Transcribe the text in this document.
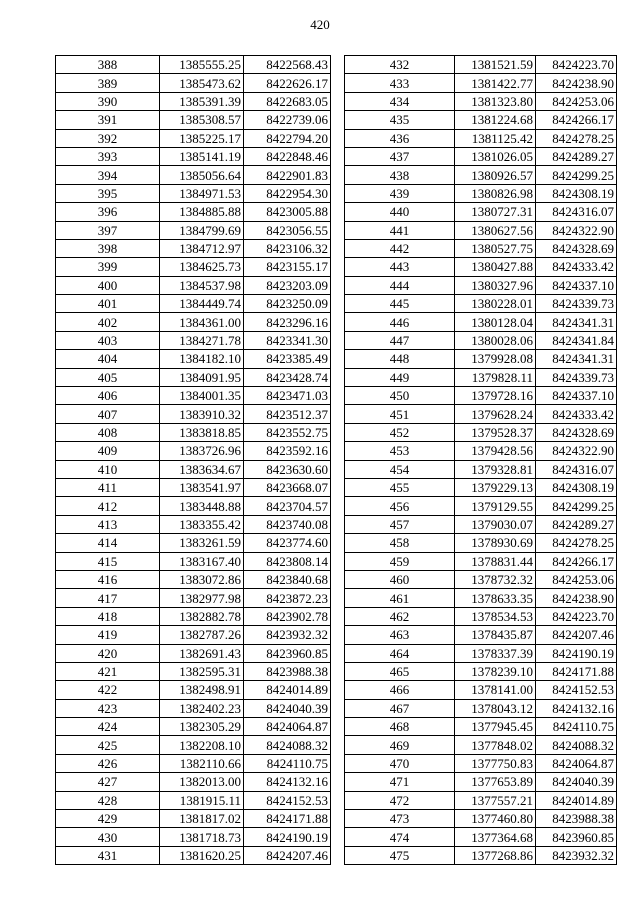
420
388	1385555.25	8422568.43
389	1385473.62	8422626.17
390	1385391.39	8422683.05
391	1385308.57	8422739.06
392	1385225.17	8422794.20
393	1385141.19	8422848.46
394	1385056.64	8422901.83
395	1384971.53	8422954.30
396	1384885.88	8423005.88
397	1384799.69	8423056.55
398	1384712.97	8423106.32
399	1384625.73	8423155.17
400	1384537.98	8423203.09
401	1384449.74	8423250.09
402	1384361.00	8423296.16
403	1384271.78	8423341.30
404	1384182.10	8423385.49
405	1384091.95	8423428.74
406	1384001.35	8423471.03
407	1383910.32	8423512.37
408	1383818.85	8423552.75
409	1383726.96	8423592.16
410	1383634.67	8423630.60
411	1383541.97	8423668.07
412	1383448.88	8423704.57
413	1383355.42	8423740.08
414	1383261.59	8423774.60
415	1383167.40	8423808.14
416	1383072.86	8423840.68
417	1382977.98	8423872.23
418	1382882.78	8423902.78
419	1382787.26	8423932.32
420	1382691.43	8423960.85
421	1382595.31	8423988.38
422	1382498.91	8424014.89
423	1382402.23	8424040.39
424	1382305.29	8424064.87
425	1382208.10	8424088.32
426	1382110.66	8424110.75
427	1382013.00	8424132.16
428	1381915.11	8424152.53
429	1381817.02	8424171.88
430	1381718.73	8424190.19
431	1381620.25	8424207.46
432	1381521.59	8424223.70
433	1381422.77	8424238.90
434	1381323.80	8424253.06
435	1381224.68	8424266.17
436	1381125.42	8424278.25
437	1381026.05	8424289.27
438	1380926.57	8424299.25
439	1380826.98	8424308.19
440	1380727.31	8424316.07
441	1380627.56	8424322.90
442	1380527.75	8424328.69
443	1380427.88	8424333.42
444	1380327.96	8424337.10
445	1380228.01	8424339.73
446	1380128.04	8424341.31
447	1380028.06	8424341.84
448	1379928.08	8424341.31
449	1379828.11	8424339.73
450	1379728.16	8424337.10
451	1379628.24	8424333.42
452	1379528.37	8424328.69
453	1379428.56	8424322.90
454	1379328.81	8424316.07
455	1379229.13	8424308.19
456	1379129.55	8424299.25
457	1379030.07	8424289.27
458	1378930.69	8424278.25
459	1378831.44	8424266.17
460	1378732.32	8424253.06
461	1378633.35	8424238.90
462	1378534.53	8424223.70
463	1378435.87	8424207.46
464	1378337.39	8424190.19
465	1378239.10	8424171.88
466	1378141.00	8424152.53
467	1378043.12	8424132.16
468	1377945.45	8424110.75
469	1377848.02	8424088.32
470	1377750.83	8424064.87
471	1377653.89	8424040.39
472	1377557.21	8424014.89
473	1377460.80	8423988.38
474	1377364.68	8423960.85
475	1377268.86	8423932.32
